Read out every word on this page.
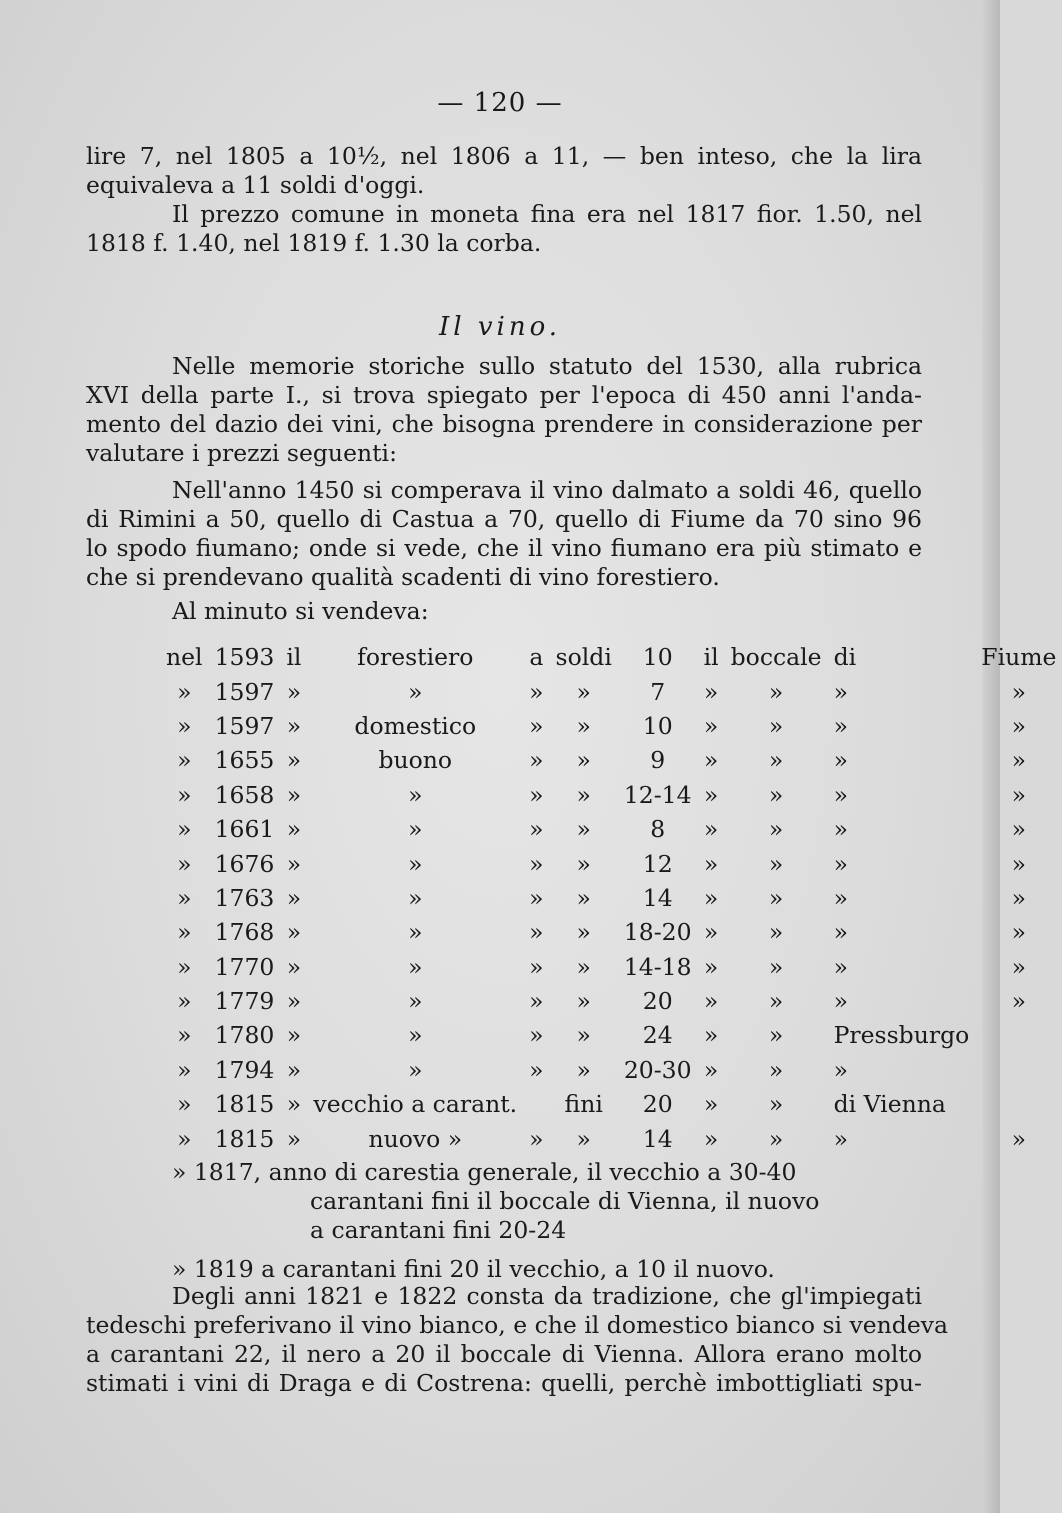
— 120 —

lire 7, nel 1805 a 10½, nel 1806 a 11, — ben inteso, che la lira
equivaleva a 11 soldi d'oggi.
Il prezzo comune in moneta fina era nel 1817 fior. 1.50, nel
1818 f. 1.40, nel 1819 f. 1.30 la corba.

Il vino.

Nelle memorie storiche sullo statuto del 1530, alla rubrica
XVI della parte I., si trova spiegato per l'epoca di 450 anni l'anda-
mento del dazio dei vini, che bisogna prendere in considerazione per
valutare i prezzi seguenti:

Nell'anno 1450 si comperava il vino dalmato a soldi 46, quello
di Rimini a 50, quello di Castua a 70, quello di Fiume da 70 sino 96
lo spodo fiumano; onde si vede, che il vino fiumano era più stimato e
che si prendevano qualità scadenti di vino forestiero.

Al minuto si vendeva:
nel	1593	il	forestiero	a	soldi	10	il	boccale	di	Fiume
»	1597	»	»	»	»	7	»	»	»	»
»	1597	»	domestico	»	»	10	»	»	»	»
»	1655	»	buono	»	»	9	»	»	»	»
»	1658	»	»	»	»	12-14	»	»	»	»
»	1661	»	»	»	»	8	»	»	»	»
»	1676	»	»	»	»	12	»	»	»	»
»	1763	»	»	»	»	14	»	»	»	»
»	1768	»	»	»	»	18-20	»	»	»	»
»	1770	»	»	»	»	14-18	»	»	»	»
»	1779	»	»	»	»	20	»	»	»	»
»	1780	»	»	»	»	24	»	»	Pressburgo	
»	1794	»	»	»	»	20-30	»	»	»	
»	1815	»	vecchio a carant.		fini	20	»	»	di Vienna	
»	1815	»	nuovo »	»	»	14	»	»	»	»
» 1817, anno di carestia generale, il vecchio a 30-40
carantani fini il boccale di Vienna, il nuovo
a carantani fini 20-24
» 1819 a carantani fini 20 il vecchio, a 10 il nuovo.

Degli anni 1821 e 1822 consta da tradizione, che gl'impiegati
tedeschi preferivano il vino bianco, e che il domestico bianco si vendeva
a carantani 22, il nero a 20 il boccale di Vienna. Allora erano molto
stimati i vini di Draga e di Costrena: quelli, perchè imbottigliati spu-
